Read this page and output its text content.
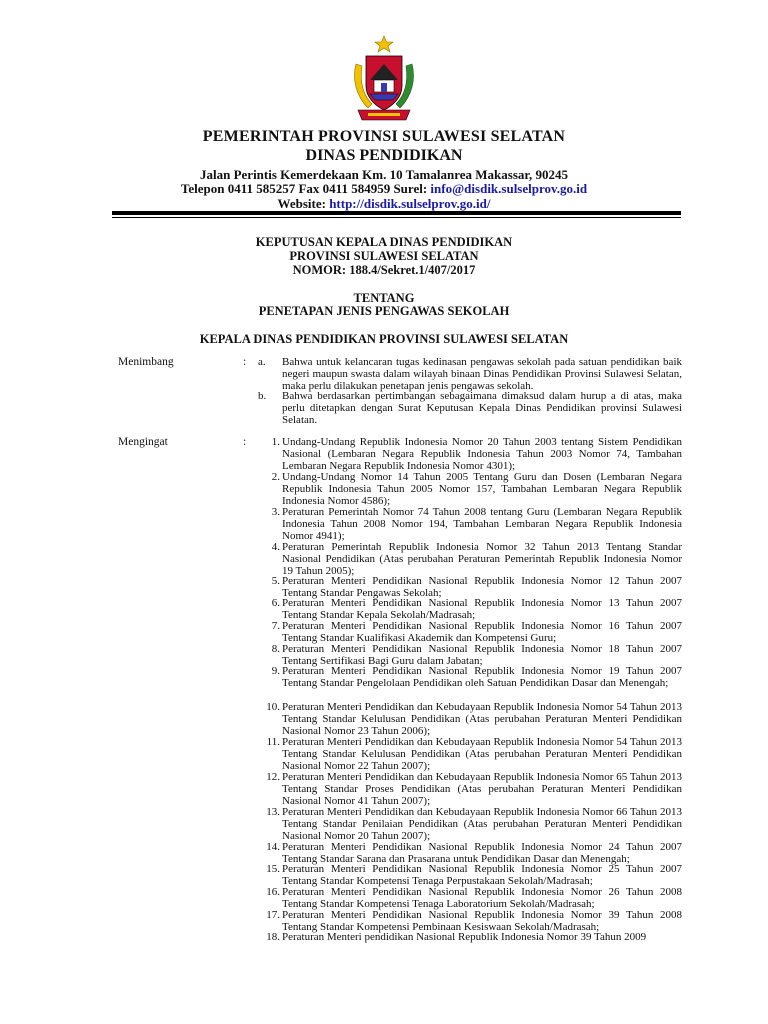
PEMERINTAH PROVINSI SULAWESI SELATAN
DINAS PENDIDIKAN
Jalan Perintis Kemerdekaan Km. 10 Tamalanrea Makassar, 90245
Telepon 0411 585257 Fax 0411 584959 Surel: info@disdik.sulselprov.go.id
Website: http://disdik.sulselprov.go.id/
KEPUTUSAN KEPALA DINAS PENDIDIKAN
PROVINSI SULAWESI SELATAN
NOMOR: 188.4/Sekret.1/407/2017
TENTANG
PENETAPAN JENIS PENGAWAS SEKOLAH
KEPALA DINAS PENDIDIKAN PROVINSI SULAWESI SELATAN
Menimbang	: a.	Bahwa untuk kelancaran tugas kedinasan pengawas sekolah pada satuan pendidikan baik negeri maupun swasta dalam wilayah binaan Dinas Pendidikan Provinsi Sulawesi Selatan, maka perlu dilakukan penetapan jenis pengawas sekolah.
b.	Bahwa berdasarkan pertimbangan sebagaimana dimaksud dalam hurup a di atas, maka perlu ditetapkan dengan Surat Keputusan Kepala Dinas Pendidikan provinsi Sulawesi Selatan.
Mengingat	:	1. Undang-Undang Republik Indonesia Nomor 20 Tahun 2003 tentang Sistem Pendidikan Nasional (Lembaran Negara Republik Indonesia Tahun 2003 Nomor 74, Tambahan Lembaran Negara Republik Indonesia Nomor 4301);
2. Undang-Undang Nomor 14 Tahun 2005 Tentang Guru dan Dosen (Lembaran Negara Republik Indonesia Tahun 2005 Nomor 157, Tambahan Lembaran Negara Republik Indonesia Nomor 4586);
3. Peraturan Pemerintah Nomor 74 Tahun 2008 tentang Guru (Lembaran Negara Republik Indonesia Tahun 2008 Nomor 194, Tambahan Lembaran Negara Republik Indonesia Nomor 4941);
4. Peraturan Pemerintah Republik Indonesia Nomor 32 Tahun 2013 Tentang Standar Nasional Pendidikan (Atas perubahan Peraturan Pemerintah Republik Indonesia Nomor 19 Tahun 2005);
5. Peraturan Menteri Pendidikan Nasional Republik Indonesia Nomor 12 Tahun 2007 Tentang Standar Pengawas Sekolah;
6. Peraturan Menteri Pendidikan Nasional Republik Indonesia Nomor 13 Tahun 2007 Tentang Standar Kepala Sekolah/Madrasah;
7. Peraturan Menteri Pendidikan Nasional Republik Indonesia Nomor 16 Tahun 2007 Tentang Standar Kualifikasi Akademik dan Kompetensi Guru;
8. Peraturan Menteri Pendidikan Nasional Republik Indonesia Nomor 18 Tahun 2007 Tentang Sertifikasi Bagi Guru dalam Jabatan;
9. Peraturan Menteri Pendidikan Nasional Republik Indonesia Nomor 19 Tahun 2007 Tentang Standar Pengelolaan Pendidikan oleh Satuan Pendidikan Dasar dan Menengah;
10. Peraturan Menteri Pendidikan dan Kebudayaan Republik Indonesia Nomor 54 Tahun 2013 Tentang Standar Kelulusan Pendidikan (Atas perubahan Peraturan Menteri Pendidikan Nasional Nomor 23 Tahun 2006);
11. Peraturan Menteri Pendidikan dan Kebudayaan Republik Indonesia Nomor 54 Tahun 2013 Tentang Standar Kelulusan Pendidikan (Atas perubahan Peraturan Menteri Pendidikan Nasional Nomor 22 Tahun 2007);
12. Peraturan Menteri Pendidikan dan Kebudayaan Republik Indonesia Nomor 65 Tahun 2013 Tentang Standar Proses Pendidikan (Atas perubahan Peraturan Menteri Pendidikan Nasional Nomor 41 Tahun 2007);
13. Peraturan Menteri Pendidikan dan Kebudayaan Republik Indonesia Nomor 66 Tahun 2013 Tentang Standar Penilaian Pendidikan (Atas perubahan Peraturan Menteri Pendidikan Nasional Nomor 20 Tahun 2007);
14. Peraturan Menteri Pendidikan Nasional Republik Indonesia Nomor 24 Tahun 2007 Tentang Standar Sarana dan Prasarana untuk Pendidikan Dasar dan Menengah;
15. Peraturan Menteri Pendidikan Nasional Republik Indonesia Nomor 25 Tahun 2007 Tentang Standar Kompetensi Tenaga Perpustakaan Sekolah/Madrasah;
16. Peraturan Menteri Pendidikan Nasional Republik Indonesia Nomor 26 Tahun 2008 Tentang Standar Kompetensi Tenaga Laboratorium Sekolah/Madrasah;
17. Peraturan Menteri Pendidikan Nasional Republik Indonesia Nomor 39 Tahun 2008 Tentang Standar Kompetensi Pembinaan Kesiswaan Sekolah/Madrasah;
18. Peraturan Menteri pendidikan Nasional Republik Indonesia Nomor 39 Tahun 2009
